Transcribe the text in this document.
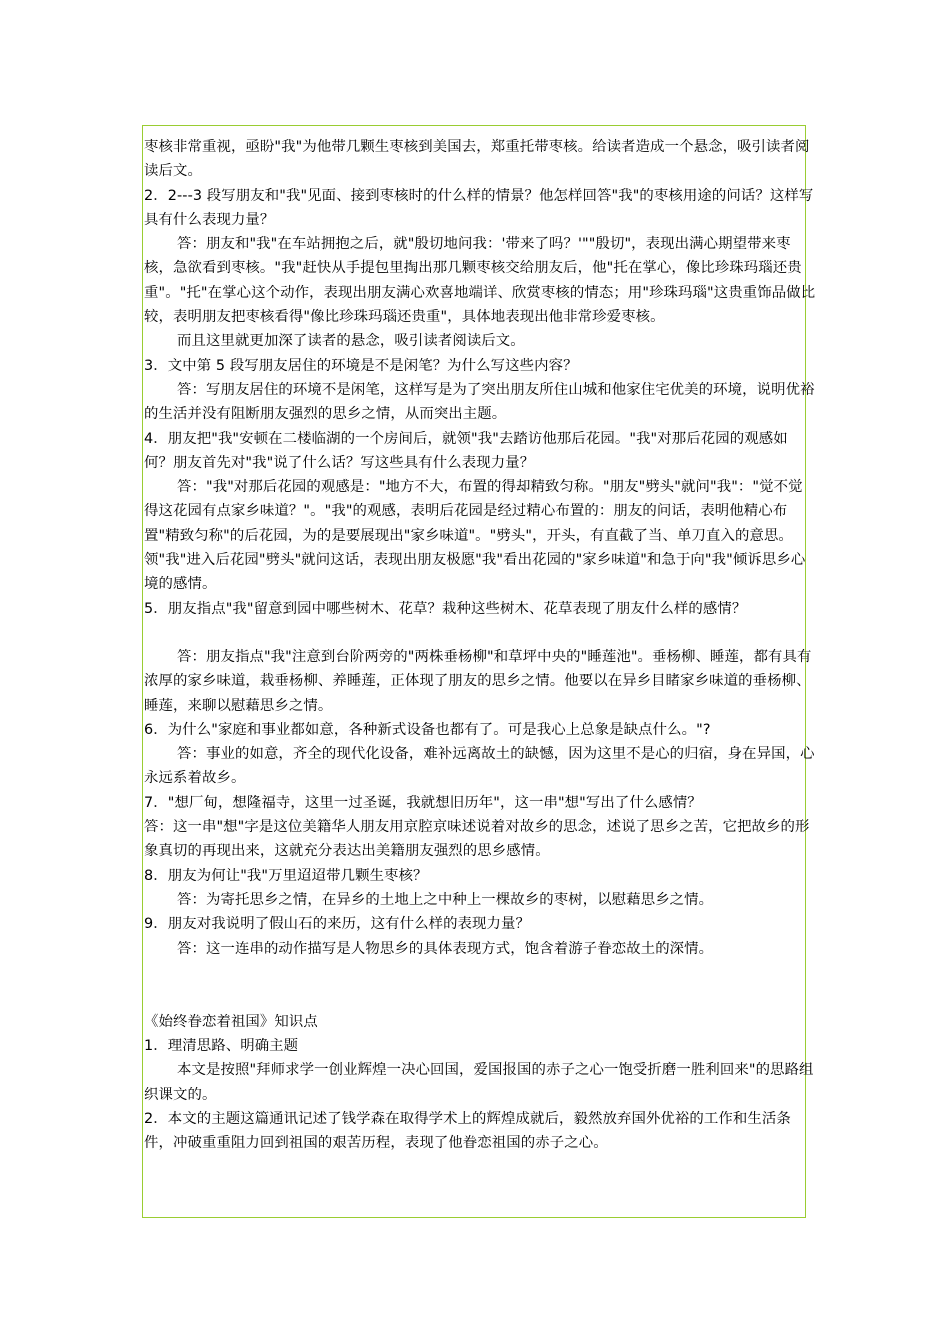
枣核非常重视，亟盼"我"为他带几颗生枣核到美国去，郑重托带枣核。给读者造成一个悬念，吸引读者阅读后文。

2．2---3 段写朋友和"我"见面、接到枣核时的什么样的情景？他怎样回答"我"的枣核用途的问话？这样写具有什么表现力量？

答：朋友和"我"在车站拥抱之后，就"殷切地问我：'带来了吗？'""殷切"，表现出满心期望带来枣核，急欲看到枣核。"我"赶快从手提包里掏出那几颗枣核交给朋友后，他"托在掌心，像比珍珠玛瑙还贵重"。"托"在掌心这个动作，表现出朋友满心欢喜地端详、欣赏枣核的情态；用"珍珠玛瑙"这贵重饰品做比较，表明朋友把枣核看得"像比珍珠玛瑙还贵重"，具体地表现出他非常珍爱枣核。

而且这里就更加深了读者的悬念，吸引读者阅读后文。

3．文中第 5 段写朋友居住的环境是不是闲笔？为什么写这些内容？

答：写朋友居住的环境不是闲笔，这样写是为了突出朋友所住山城和他家住宅优美的环境，说明优裕的生活并没有阻断朋友强烈的思乡之情，从而突出主题。

4．朋友把"我"安顿在二楼临湖的一个房间后，就领"我"去踏访他那后花园。"我"对那后花园的观感如何？朋友首先对"我"说了什么话？写这些具有什么表现力量？

答："我"对那后花园的观感是："地方不大，布置的得却精致匀称。"朋友"劈头"就问"我"："觉不觉得这花园有点家乡味道？"。"我"的观感，表明后花园是经过精心布置的：朋友的问话，表明他精心布置"精致匀称"的后花园，为的是要展现出"家乡味道"。"劈头"，开头，有直截了当、单刀直入的意思。领"我"进入后花园"劈头"就问这话，表现出朋友极愿"我"看出花园的"家乡味道"和急于向"我"倾诉思乡心境的感情。

5．朋友指点"我"留意到园中哪些树木、花草？栽种这些树木、花草表现了朋友什么样的感情？

答：朋友指点"我"注意到台阶两旁的"两株垂杨柳"和草坪中央的"睡莲池"。垂杨柳、睡莲，都有具有浓厚的家乡味道，栽垂杨柳、养睡莲，正体现了朋友的思乡之情。他要以在异乡目睹家乡味道的垂杨柳、睡莲，来聊以慰藉思乡之情。

6．为什么"家庭和事业都如意，各种新式设备也都有了。可是我心上总象是缺点什么。"?

答：事业的如意，齐全的现代化设备，难补远离故土的缺憾，因为这里不是心的归宿，身在异国，心永远系着故乡。

7．"想厂甸，想隆福寺，这里一过圣诞，我就想旧历年"，这一串"想"写出了什么感情？

答：这一串"想"字是这位美籍华人朋友用京腔京味述说着对故乡的思念，述说了思乡之苦，它把故乡的形象真切的再现出来，这就充分表达出美籍朋友强烈的思乡感情。

8．朋友为何让"我"万里迢迢带几颗生枣核？

答：为寄托思乡之情，在异乡的土地上之中种上一棵故乡的枣树，以慰藉思乡之情。

9．朋友对我说明了假山石的来历，这有什么样的表现力量？

答：这一连串的动作描写是人物思乡的具体表现方式，饱含着游子眷恋故土的深情。

《始终眷恋着祖国》知识点

1．理清思路、明确主题

本文是按照"拜师求学一创业辉煌一决心回国，爱国报国的赤子之心一饱受折磨一胜利回来"的思路组织课文的。

2．本文的主题这篇通讯记述了钱学森在取得学术上的辉煌成就后，毅然放弃国外优裕的工作和生活条件，冲破重重阻力回到祖国的艰苦历程，表现了他眷恋祖国的赤子之心。
